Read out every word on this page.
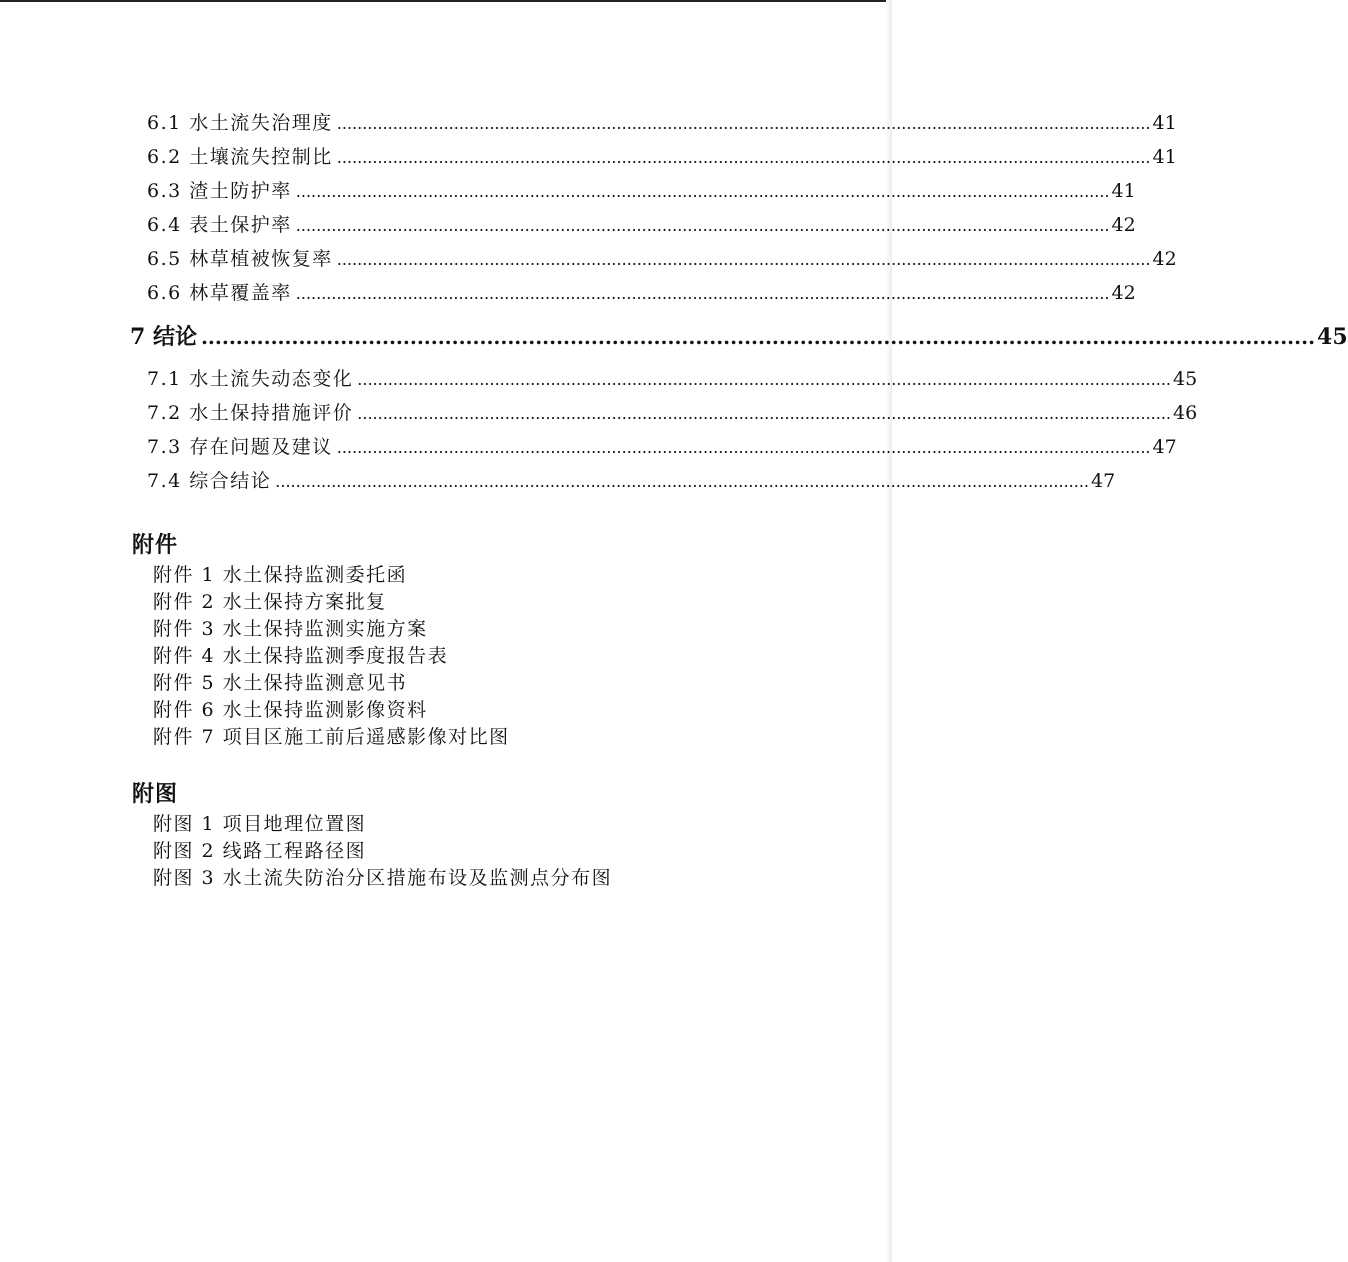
6.1 水土流失治理度 ................................................................................................................................................................ 41
6.2 土壤流失控制比 ................................................................................................................................................................ 41
6.3 渣土防护率 ................................................................................................................................................................ 41
6.4 表土保护率 ................................................................................................................................................................ 42
6.5 林草植被恢复率 ................................................................................................................................................................ 42
6.6 林草覆盖率 ................................................................................................................................................................ 42
7 结论 ................................................................................................................................................................ 45
7.1 水土流失动态变化 ................................................................................................................................................................ 45
7.2 水土保持措施评价 ................................................................................................................................................................ 46
7.3 存在问题及建议 ................................................................................................................................................................ 47
7.4 综合结论 ................................................................................................................................................................ 47
附件
附件 1 水土保持监测委托函
附件 2 水土保持方案批复
附件 3 水土保持监测实施方案
附件 4 水土保持监测季度报告表
附件 5 水土保持监测意见书
附件 6 水土保持监测影像资料
附件 7 项目区施工前后遥感影像对比图
附图
附图 1 项目地理位置图
附图 2 线路工程路径图
附图 3 水土流失防治分区措施布设及监测点分布图
